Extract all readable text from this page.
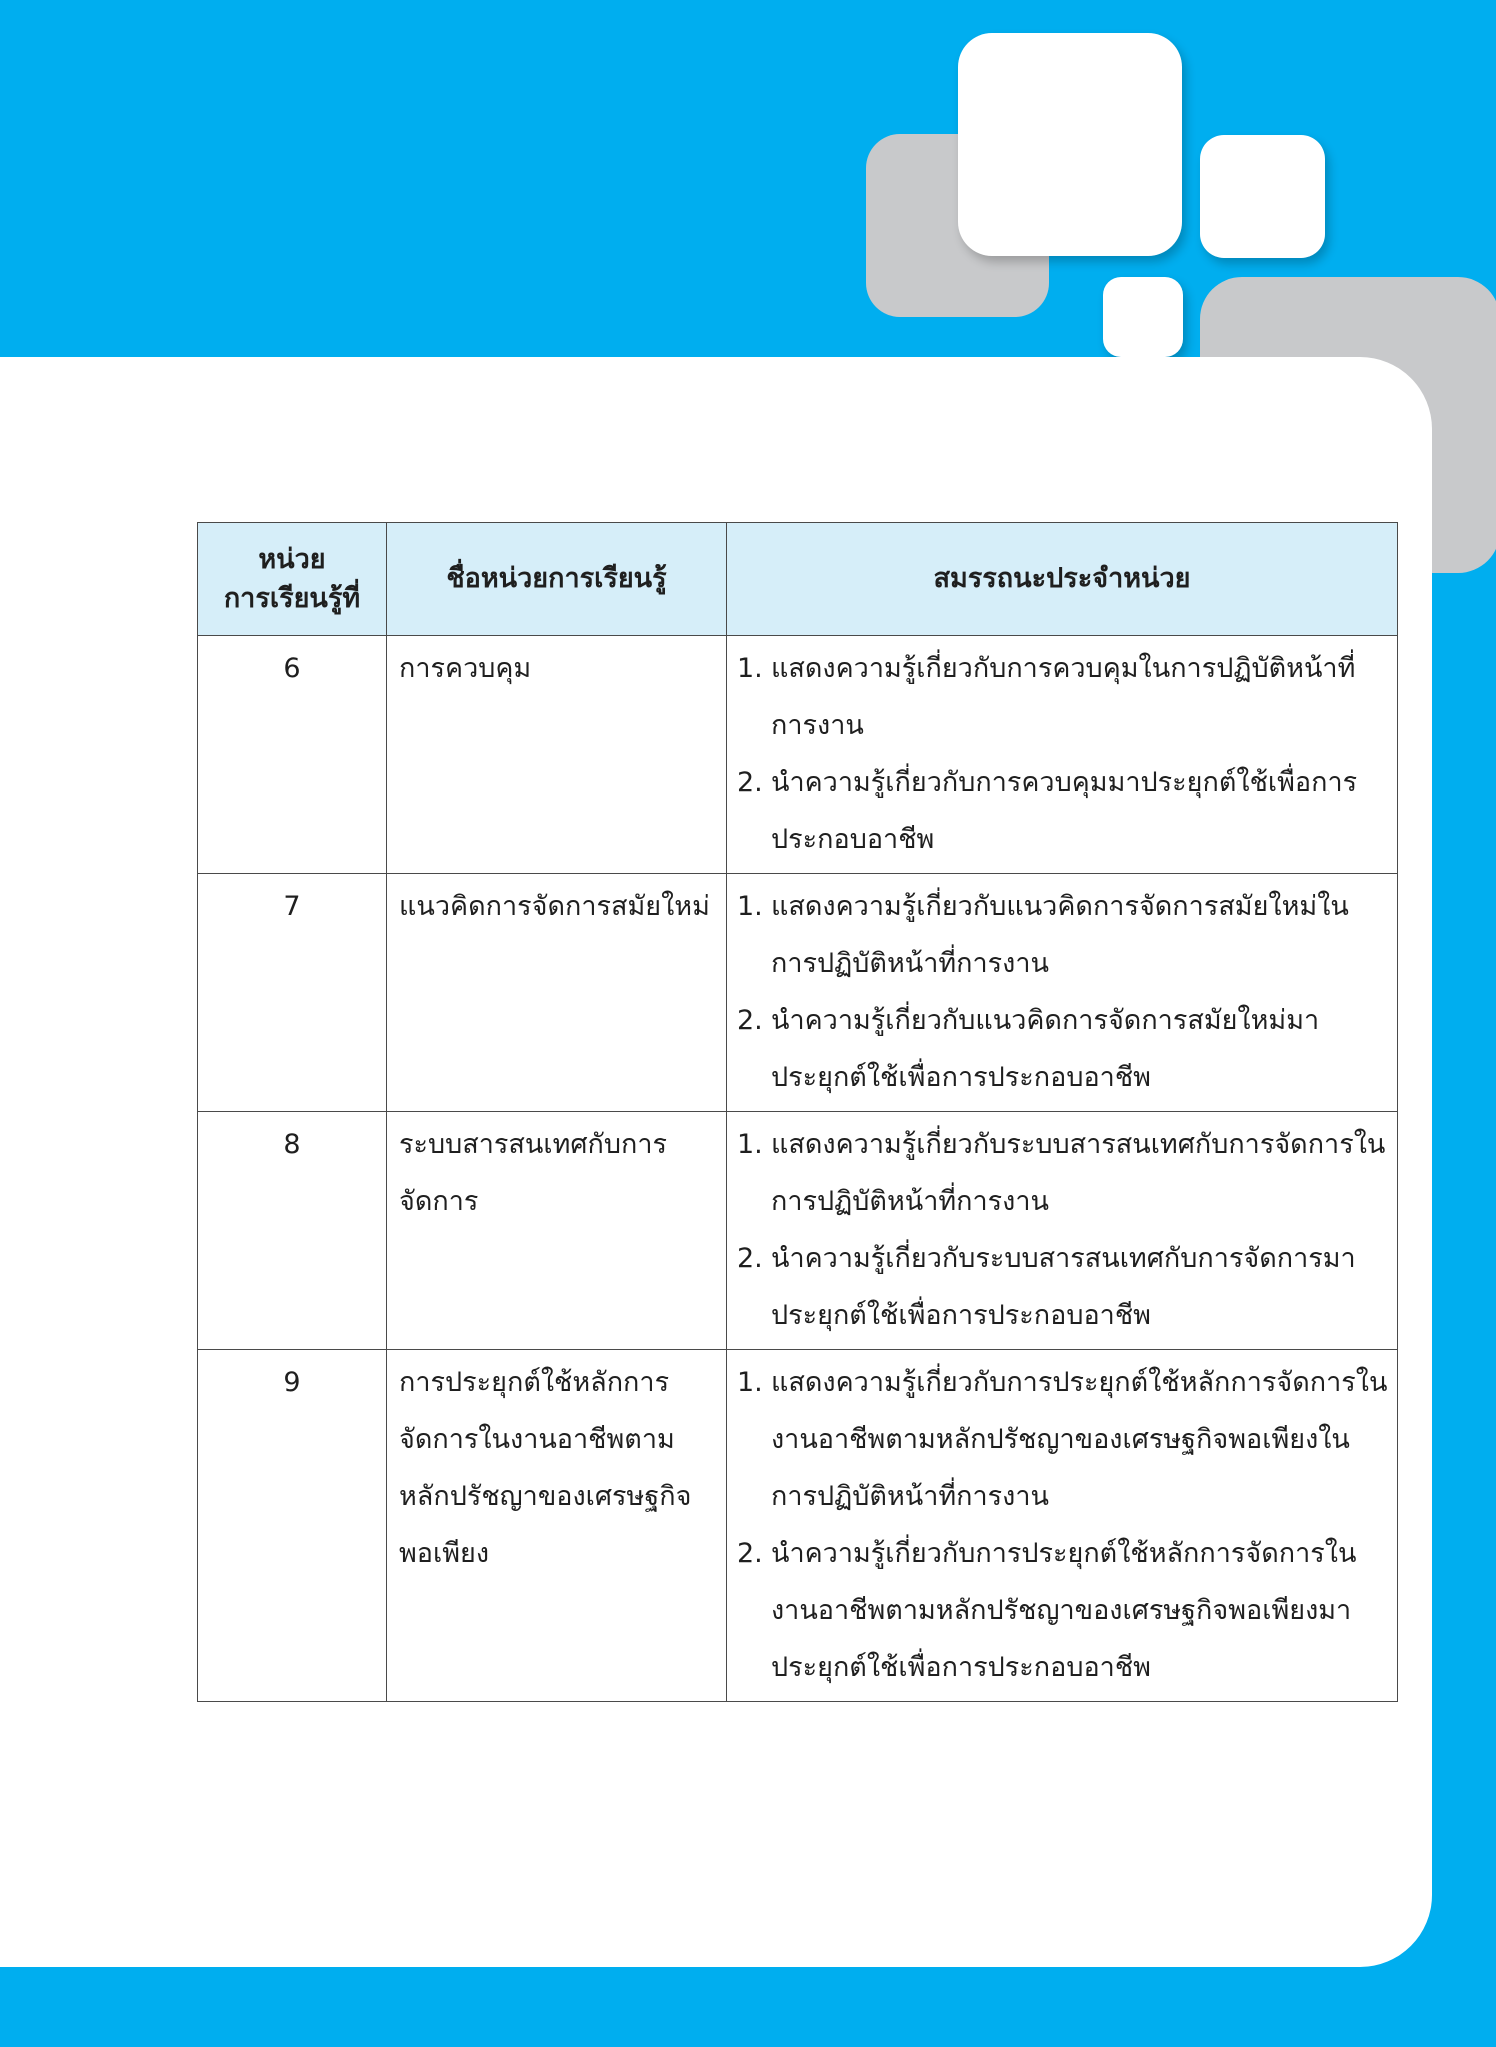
หน่วย
การเรียนรู้ที่	ชื่อหน่วยการเรียนรู้	สมรรถนะประจำหน่วย
6	การควบคุม	1. แสดงความรู้เกี่ยวกับการควบคุมในการปฏิบัติหน้าที่การงาน
2. นำความรู้เกี่ยวกับการควบคุมมาประยุกต์ใช้เพื่อการประกอบอาชีพ

7	แนวคิดการจัดการสมัยใหม่	1. แสดงความรู้เกี่ยวกับแนวคิดการจัดการสมัยใหม่ในการปฏิบัติหน้าที่การงาน
2. นำความรู้เกี่ยวกับแนวคิดการจัดการสมัยใหม่มาประยุกต์ใช้เพื่อการประกอบอาชีพ

8	ระบบสารสนเทศกับการจัดการ	1. แสดงความรู้เกี่ยวกับระบบสารสนเทศกับการจัดการในการปฏิบัติหน้าที่การงาน
2. นำความรู้เกี่ยวกับระบบสารสนเทศกับการจัดการมาประยุกต์ใช้เพื่อการประกอบอาชีพ

9	การประยุกต์ใช้หลักการจัดการในงานอาชีพตามหลักปรัชญาของเศรษฐกิจพอเพียง	1. แสดงความรู้เกี่ยวกับการประยุกต์ใช้หลักการจัดการในงานอาชีพตามหลักปรัชญาของเศรษฐกิจพอเพียงในการปฏิบัติหน้าที่การงาน
2. นำความรู้เกี่ยวกับการประยุกต์ใช้หลักการจัดการในงานอาชีพตามหลักปรัชญาของเศรษฐกิจพอเพียงมาประยุกต์ใช้เพื่อการประกอบอาชีพ
